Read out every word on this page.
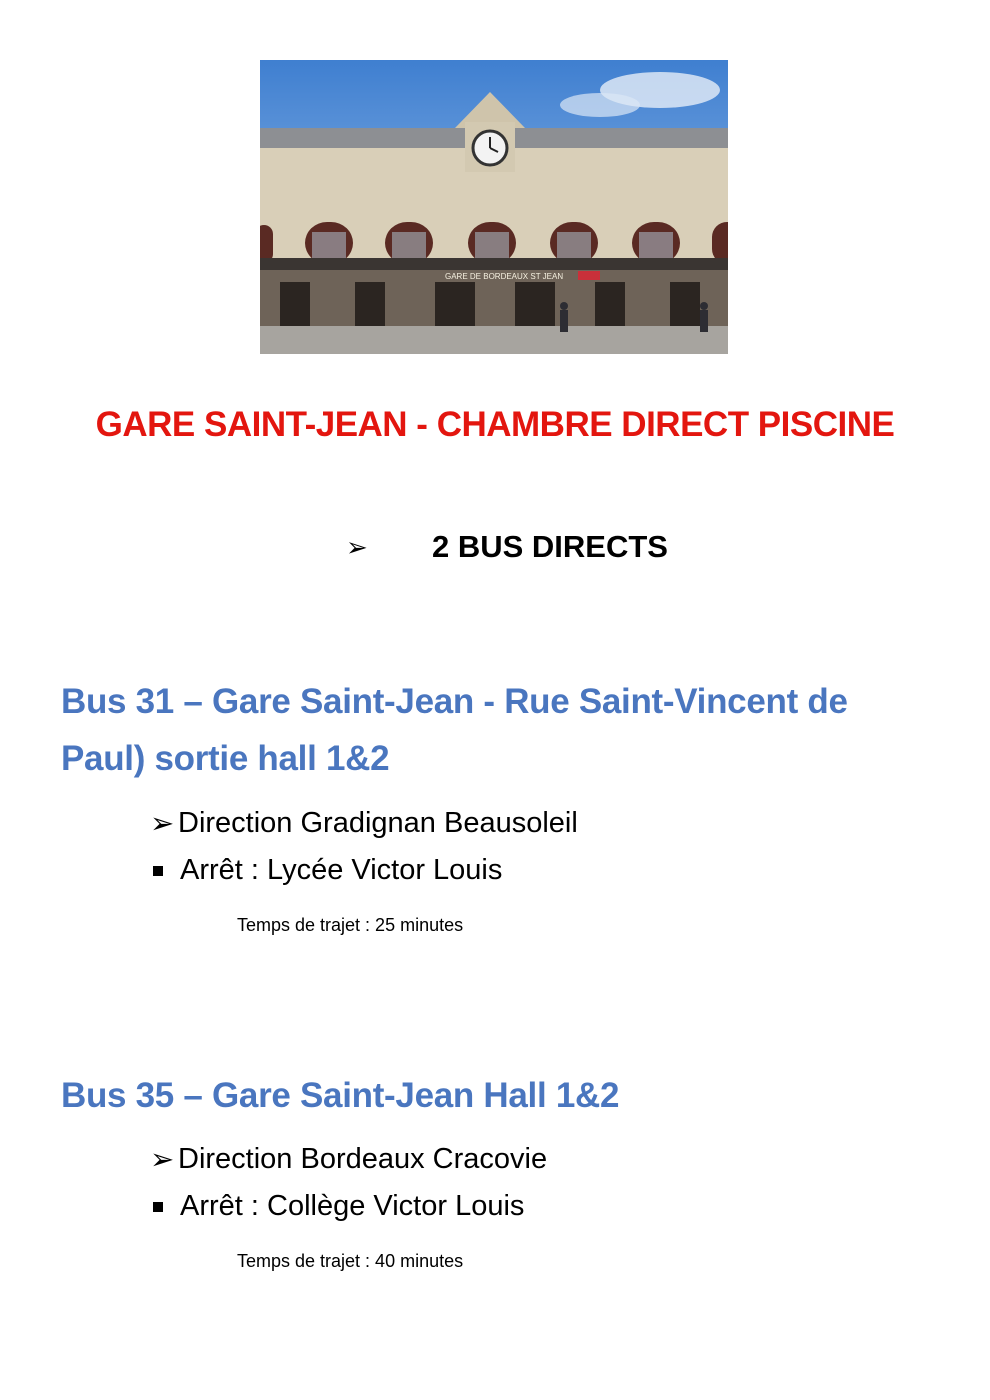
GARE DE BORDEAUX ST JEAN
GARE SAINT-JEAN - CHAMBRE DIRECT PISCINE
➢ 2 BUS DIRECTS

Bus 31 – Gare Saint-Jean - Rue Saint-Vincent de Paul) sortie hall 1&2

➢ Direction Gradignan Beausoleil
Arrêt : Lycée Victor Louis
Temps de trajet : 25 minutes

Bus 35 – Gare Saint-Jean Hall 1&2

➢ Direction Bordeaux Cracovie
Arrêt : Collège Victor Louis
Temps de trajet : 40 minutes
